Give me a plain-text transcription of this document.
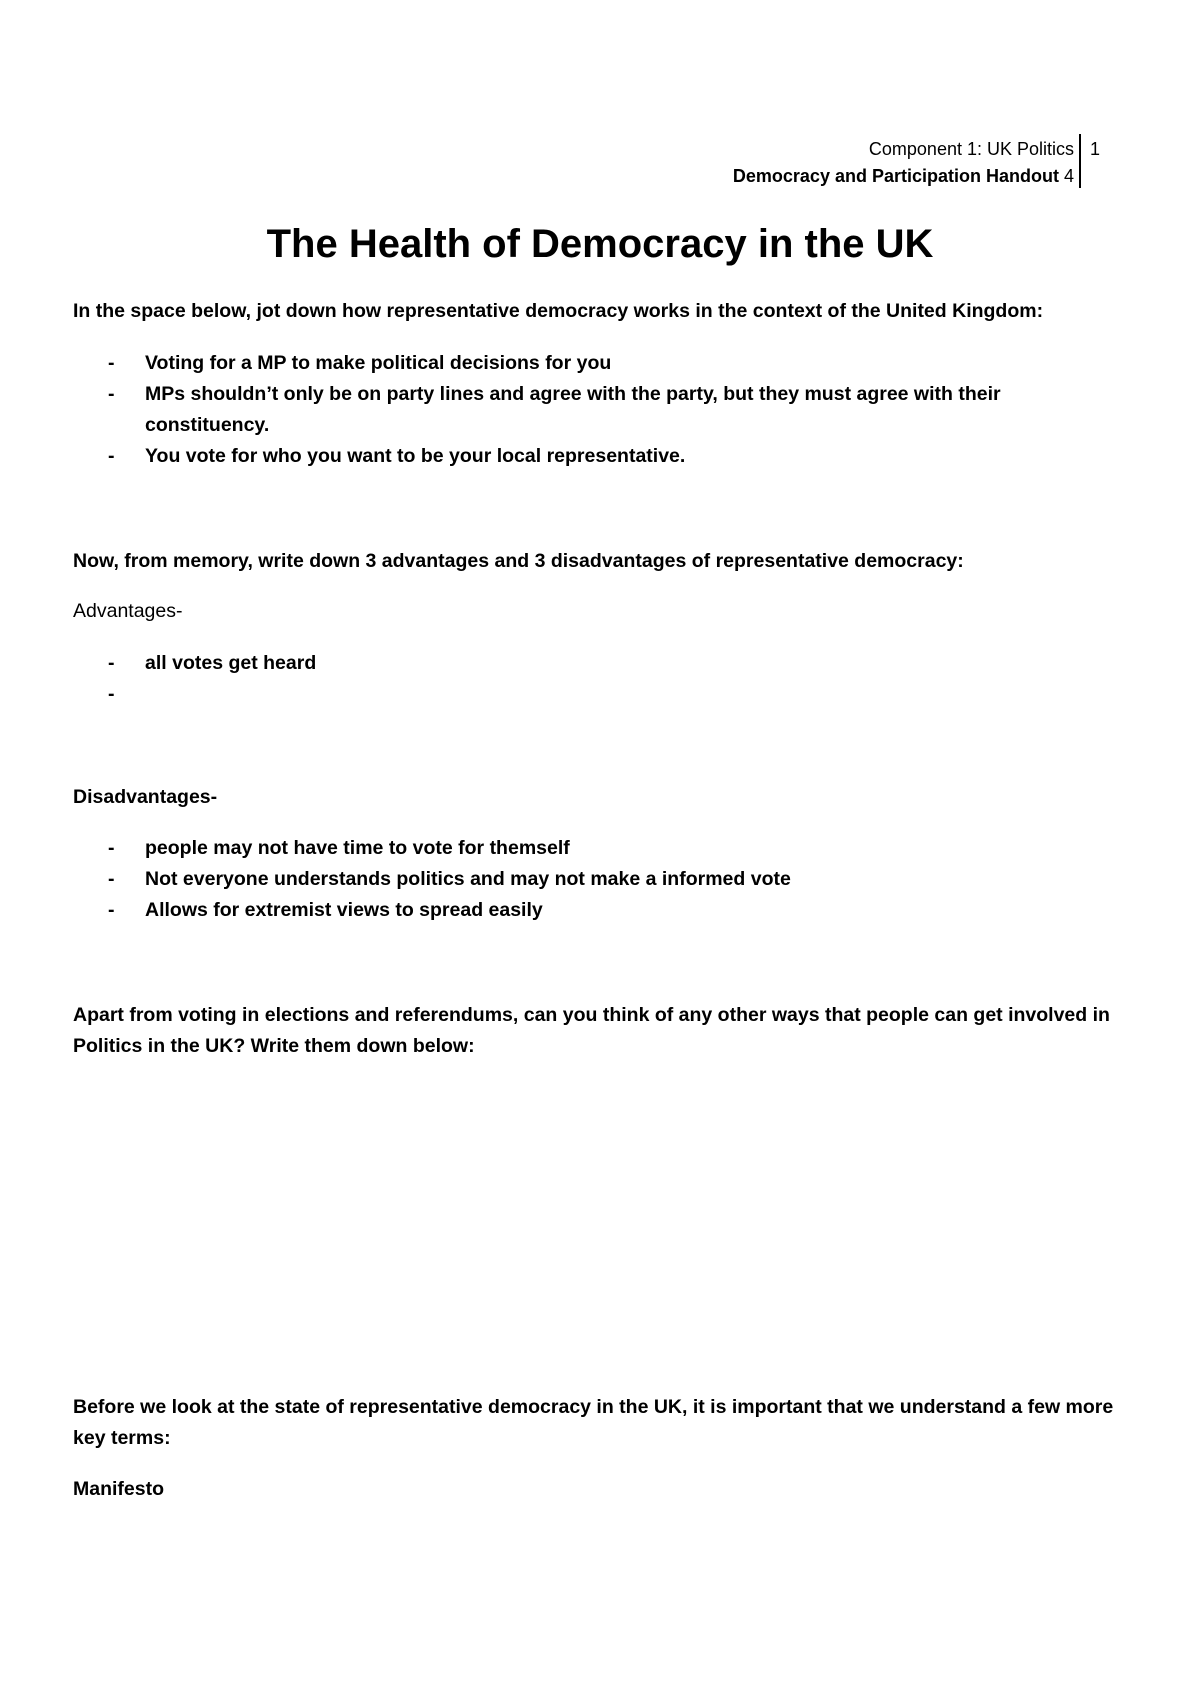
Component 1: UK Politics
Democracy and Participation Handout 4
1
The Health of Democracy in the UK
In the space below, jot down how representative democracy works in the context of the United Kingdom:
- Voting for a MP to make political decisions for you
- MPs shouldn’t only be on party lines and agree with the party, but they must agree with their constituency.
- You vote for who you want to be your local representative.
Now, from memory, write down 3 advantages and 3 disadvantages of representative democracy:
Advantages-
- all votes get heard
-
Disadvantages-
- people may not have time to vote for themself
- Not everyone understands politics and may not make a informed vote
- Allows for extremist views to spread easily
Apart from voting in elections and referendums, can you think of any other ways that people can get involved in Politics in the UK? Write them down below:
Before we look at the state of representative democracy in the UK, it is important that we understand a few more key terms:
Manifesto
